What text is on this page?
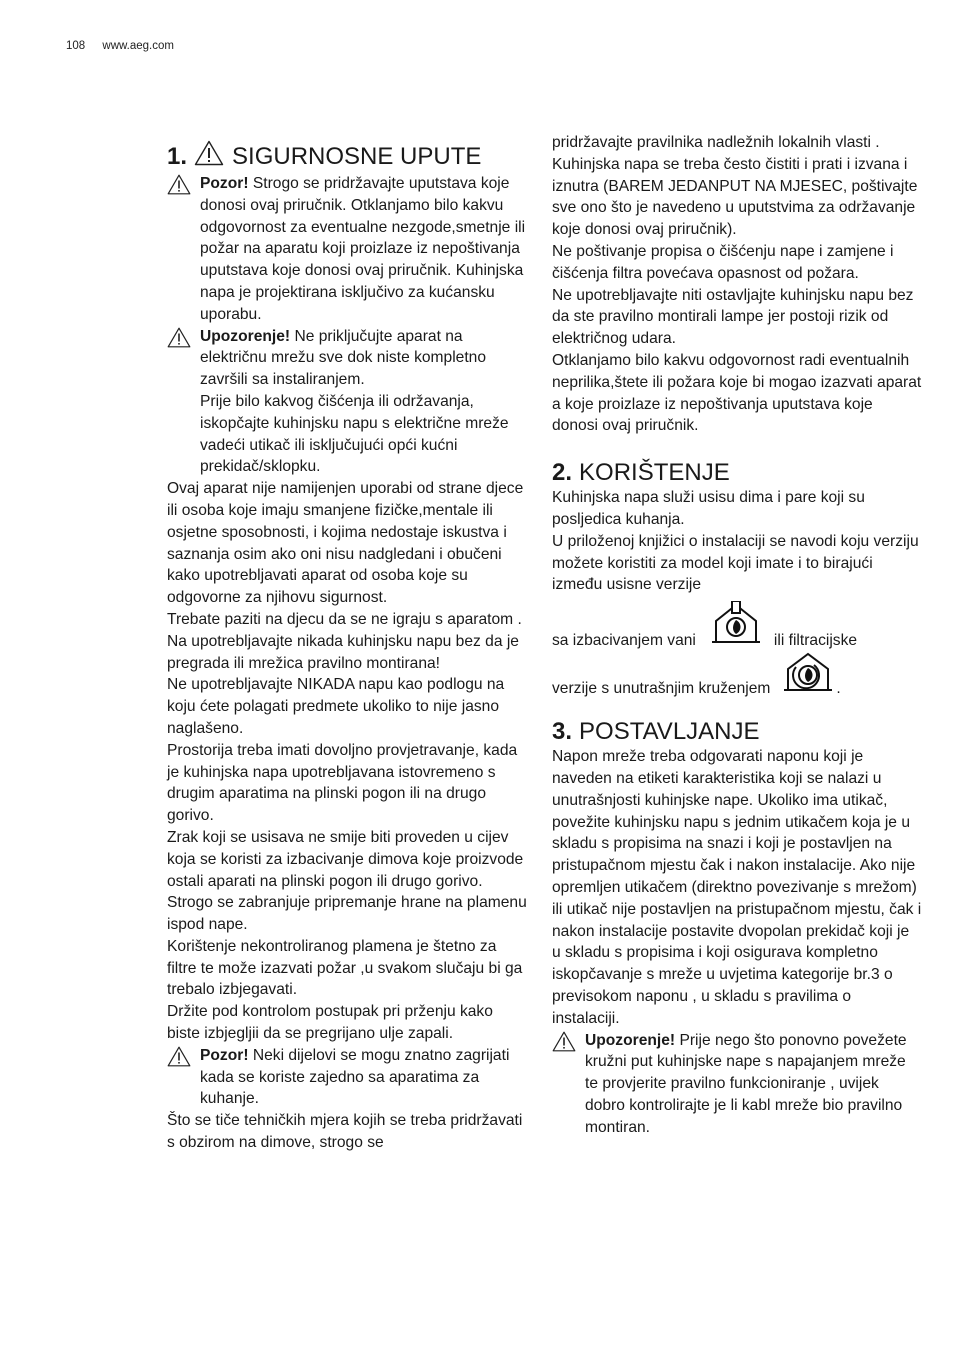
108 www.aeg.com
1. SIGURNOSNE UPUTE

Pozor! Strogo se pridržavajte uputstava koje donosi ovaj priručnik. Otklanjamo bilo kakvu odgovornost za eventualne nezgode,smetnje ili požar na aparatu koji proizlaze iz nepoštivanja uputstava koje donosi ovaj priručnik. Kuhinjska napa je projektirana isključivo za kućansku uporabu.

Upozorenje! Ne priključujte aparat na električnu mrežu sve dok niste kompletno završili sa instaliranjem.

Prije bilo kakvog čišćenja ili održavanja, iskopčajte kuhinjsku napu s električne mreže vadeći utikač ili isključujući opći kućni prekidač/sklopku.

Ovaj aparat nije namijenjen uporabi od strane djece ili osoba koje imaju smanjene fizičke,mentale ili osjetne sposobnosti, i kojima nedostaje iskustva i saznanja osim ako oni nisu nadgledani i obučeni kako upotrebljavati aparat od osoba koje su odgovorne za njihovu sigurnost.

Trebate paziti na djecu da se ne igraju s aparatom .

Na upotrebljavajte nikada kuhinjsku napu bez da je pregrada ili mrežica pravilno montirana!

Ne upotrebljavajte NIKADA napu kao podlogu na koju ćete polagati predmete ukoliko to nije jasno naglašeno.

Prostorija treba imati dovoljno provjetravanje, kada je kuhinjska napa upotrebljavana istovremeno s drugim aparatima na plinski pogon ili na drugo gorivo.

Zrak koji se usisava ne smije biti proveden u cijev koja se koristi za izbacivanje dimova koje proizvode ostali aparati na plinski pogon ili drugo gorivo.

Strogo se zabranjuje pripremanje hrane na plamenu ispod nape.

Korištenje nekontroliranog plamena je štetno za filtre te može izazvati požar ,u svakom slučaju bi ga trebalo izbjegavati.

Držite pod kontrolom postupak pri prženju kako biste izbjegljii da se pregrijano ulje zapali.

Pozor! Neki dijelovi se mogu znatno zagrijati kada se koriste zajedno sa aparatima za kuhanje.

Što se tiče tehničkih mjera kojih se treba pridržavati s obzirom na dimove, strogo se

pridržavajte pravilnika nadležnih lokalnih vlasti .

Kuhinjska napa se treba često čistiti i prati i izvana i iznutra (BAREM JEDANPUT NA MJESEC, poštivajte sve ono što je navedeno u uputstvima za održavanje koje donosi ovaj priručnik).

Ne poštivanje propisa o čišćenju nape i zamjene i čišćenja filtra povećava opasnost od požara.

Ne upotrebljavajte niti ostavljajte kuhinjsku napu bez da ste pravilno montirali lampe jer postoji rizik od električnog udara.

Otklanjamo bilo kakvu odgovornost radi eventualnih neprilika,štete ili požara koje bi mogao izazvati aparat a koje proizlaze iz nepoštivanja uputstava koje donosi ovaj priručnik.

2. KORIŠTENJE

Kuhinjska napa služi usisu dima i pare koji su posljedica kuhanja.

U priloženoj knjižici o instalaciji se navodi koju verziju možete koristiti za model koji imate i to birajući između usisne verzije

sa izbacivanjem vani	ili filtracijske
verzije s unutrašnjim kruženjem	.
3. POSTAVLJANJE

Napon mreže treba odgovarati naponu koji je naveden na etiketi karakteristika koji se nalazi u unutrašnjosti kuhinjske nape. Ukoliko ima utikač, povežite kuhinjsku napu s jednim utikačem koja je u skladu s propisima na snazi i koji je postavljen na pristupačnom mjestu čak i nakon instalacije. Ako nije opremljen utikačem (direktno povezivanje s mrežom) ili utikač nije postavljen na pristupačnom mjestu, čak i nakon instalacije postavite dvopolan prekidač koji je u skladu s propisima i koji osigurava kompletno iskopčavanje s mreže u uvjetima kategorije br.3 o previsokom naponu , u skladu s pravilima o instalaciji.

Upozorenje! Prije nego što ponovno povežete kružni put kuhinjske nape s napajanjem mreže te provjerite pravilno funkcioniranje , uvijek dobro kontrolirajte je li kabl mreže bio pravilno montiran.
